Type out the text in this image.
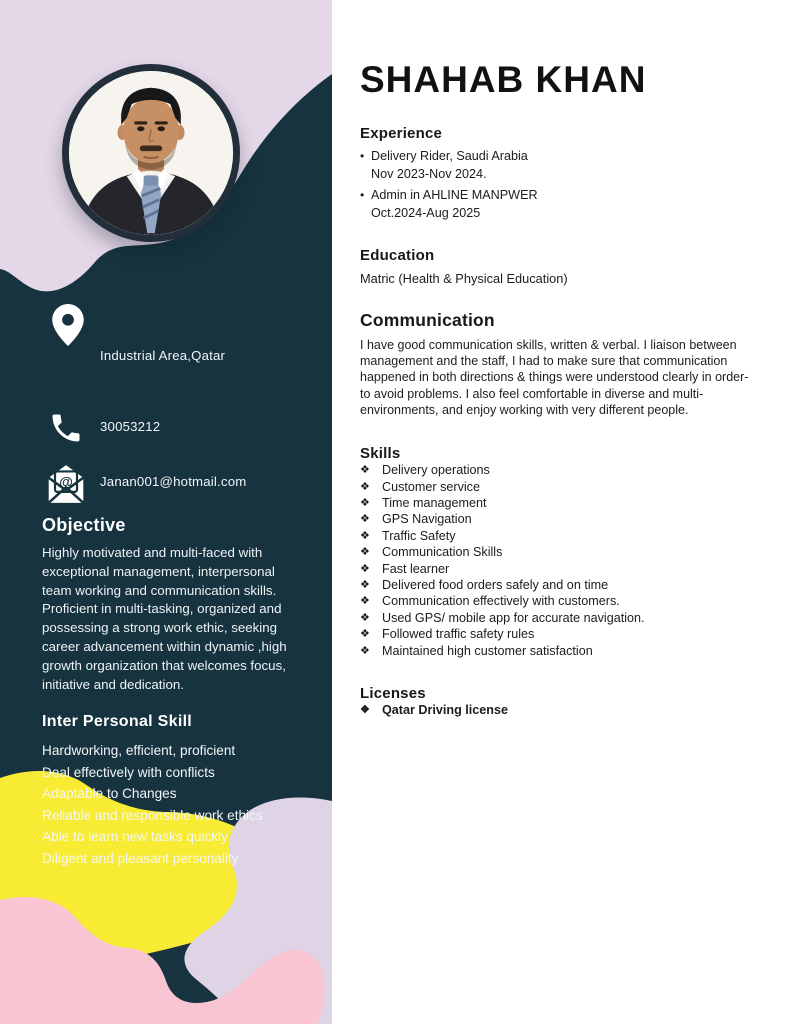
Industrial Area,Qatar
30053212
@ Janan001@hotmail.com
Objective

Highly motivated and multi-faced with exceptional management, interpersonal team working and communication skills. Proficient in multi-tasking, organized and possessing a strong work ethic, seeking career advancement within dynamic ,high growth organization that welcomes focus, initiative and dedication.

Inter Personal Skill
Hardworking, efficient, proficient
Deal effectively with conflicts
Adaptable to Changes
Reliable and responsible work ethics
Able to learn new tasks quickly
Diligent and pleasant personality
SHAHAB KHAN
Experience
• Delivery Rider, Saudi Arabia
Nov 2023-Nov 2024.
• Admin in AHLINE MANPWER
Oct.2024-Aug 2025
Education
Matric (Health & Physical Education)
Communication

I have good communication skills, written & verbal. I liaison between management and the staff, I had to make sure that communication happened in both directions & things were understood clearly in order-to avoid problems. I also feel comfortable in diverse and multi-environments, and enjoy working with very different people.

Skills
❖ Delivery operations
❖ Customer service
❖ Time management
❖ GPS Navigation
❖ Traffic Safety
❖ Communication Skills
❖ Fast learner
❖ Delivered food orders safely and on time
❖ Communication effectively with customers.
❖ Used GPS/ mobile app for accurate navigation.
❖ Followed traffic safety rules
❖ Maintained high customer satisfaction
Licenses
❖ Qatar Driving license
